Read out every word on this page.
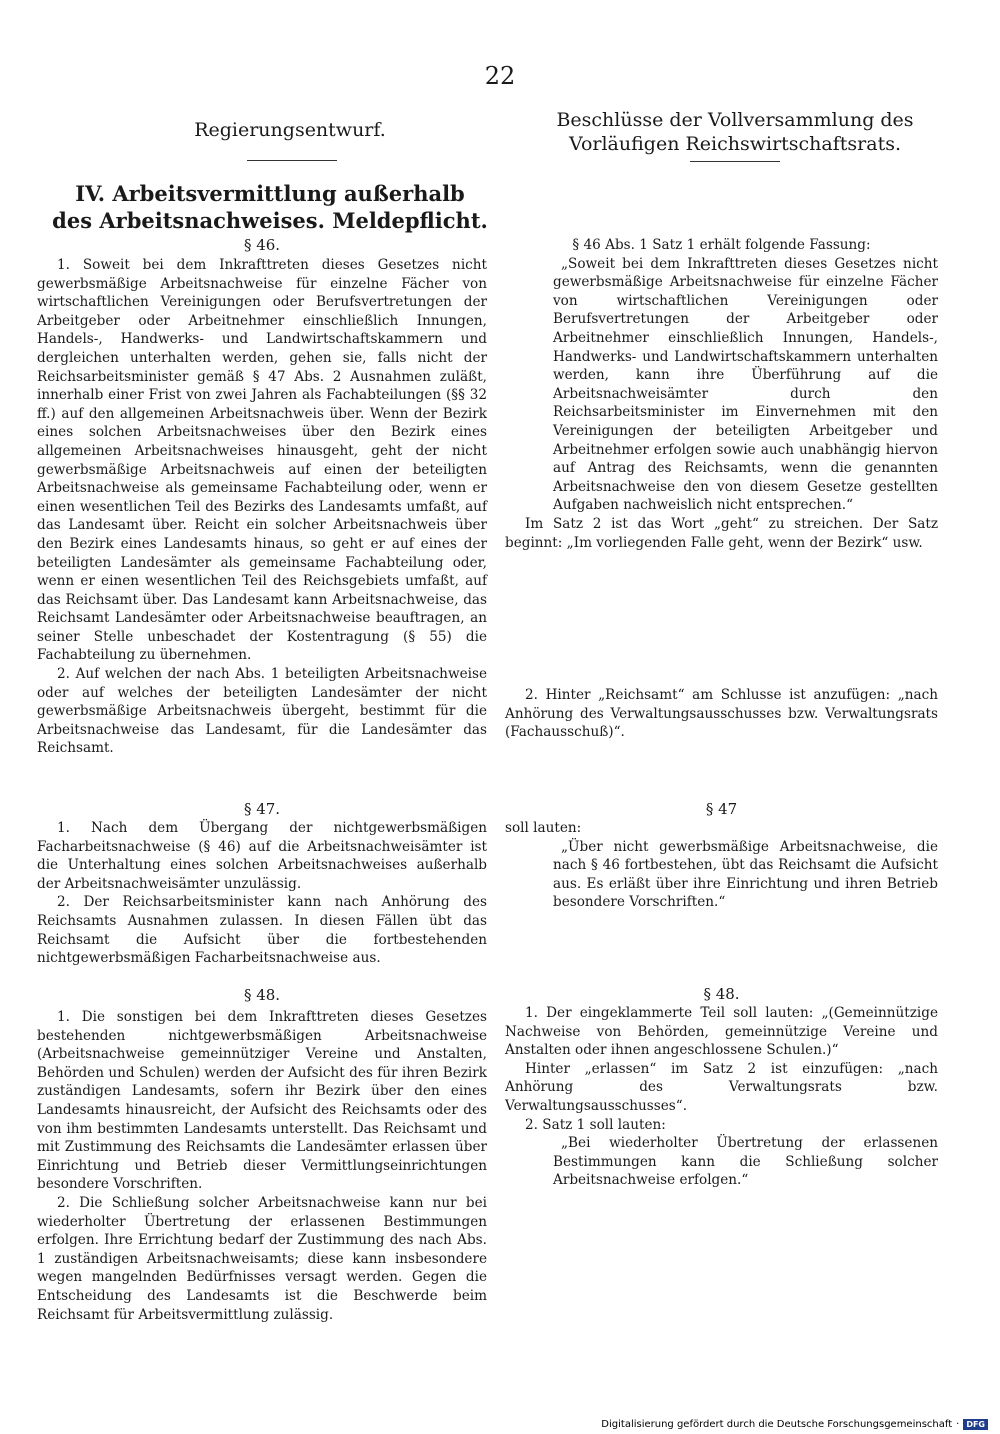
22
Regierungsentwurf.	Beschlüsse der Vollversammlung des Vorläufigen Reichswirtschaftsrats.
IV. Arbeitsvermittlung außerhalb des Arbeitsnachweises. Meldepflicht.
§ 46.

1. Soweit bei dem Inkrafttreten dieses Gesetzes nicht gewerbsmäßige Arbeitsnachweise für einzelne Fächer von wirtschaftlichen Vereinigungen oder Berufsvertretungen der Arbeitgeber oder Arbeitnehmer einschließlich Innungen, Handels-, Handwerks- und Landwirtschaftskammern und dergleichen unterhalten werden, gehen sie, falls nicht der Reichsarbeitsminister gemäß § 47 Abs. 2 Ausnahmen zuläßt, innerhalb einer Frist von zwei Jahren als Fachabteilungen (§§ 32 ff.) auf den allgemeinen Arbeitsnachweis über. Wenn der Bezirk eines solchen Arbeitsnachweises über den Bezirk eines allgemeinen Arbeitsnachweises hinausgeht, geht der nicht gewerbsmäßige Arbeitsnachweis auf einen der beteiligten Arbeitsnachweise als gemeinsame Fachabteilung oder, wenn er einen wesentlichen Teil des Bezirks des Landesamts umfaßt, auf das Landesamt über. Reicht ein solcher Arbeitsnachweis über den Bezirk eines Landesamts hinaus, so geht er auf eines der beteiligten Landesämter als gemeinsame Fachabteilung oder, wenn er einen wesentlichen Teil des Reichsgebiets umfaßt, auf das Reichsamt über. Das Landesamt kann Arbeitsnachweise, das Reichsamt Landesämter oder Arbeitsnachweise beauftragen, an seiner Stelle unbeschadet der Kostentragung (§ 55) die Fachabteilung zu übernehmen.

2. Auf welchen der nach Abs. 1 beteiligten Arbeitsnachweise oder auf welches der beteiligten Landesämter der nicht gewerbsmäßige Arbeitsnachweis übergeht, bestimmt für die Arbeitsnachweise das Landesamt, für die Landesämter das Reichsamt.

§ 47.

1. Nach dem Übergang der nichtgewerbsmäßigen Facharbeitsnachweise (§ 46) auf die Arbeitsnachweisämter ist die Unterhaltung eines solchen Arbeitsnachweises außerhalb der Arbeitsnachweisämter unzulässig.

2. Der Reichsarbeitsminister kann nach Anhörung des Reichsamts Ausnahmen zulassen. In diesen Fällen übt das Reichsamt die Aufsicht über die fortbestehenden nichtgewerbsmäßigen Facharbeitsnachweise aus.

§ 48.

1. Die sonstigen bei dem Inkrafttreten dieses Gesetzes bestehenden nichtgewerbsmäßigen Arbeitsnachweise (Arbeitsnachweise gemeinnütziger Vereine und Anstalten, Behörden und Schulen) werden der Aufsicht des für ihren Bezirk zuständigen Landesamts, sofern ihr Bezirk über den eines Landesamts hinausreicht, der Aufsicht des Reichsamts oder des von ihm bestimmten Landesamts unterstellt. Das Reichsamt und mit Zustimmung des Reichsamts die Landesämter erlassen über Einrichtung und Betrieb dieser Vermittlungseinrichtungen besondere Vorschriften.

2. Die Schließung solcher Arbeitsnachweise kann nur bei wiederholter Übertretung der erlassenen Bestimmungen erfolgen. Ihre Errichtung bedarf der Zustimmung des nach Abs. 1 zuständigen Arbeitsnachweisamts; diese kann insbesondere wegen mangelnden Bedürfnisses versagt werden. Gegen die Entscheidung des Landesamts ist die Beschwerde beim Reichsamt für Arbeitsvermittlung zulässig.

§ 46 Abs. 1 Satz 1 erhält folgende Fassung:

„Soweit bei dem Inkrafttreten dieses Gesetzes nicht gewerbsmäßige Arbeitsnachweise für einzelne Fächer von wirtschaftlichen Vereinigungen oder Berufsvertretungen der Arbeitgeber oder Arbeitnehmer einschließlich Innungen, Handels-, Handwerks- und Landwirtschaftskammern unterhalten werden, kann ihre Überführung auf die Arbeitsnachweisämter durch den Reichsarbeitsminister im Einvernehmen mit den Vereinigungen der beteiligten Arbeitgeber und Arbeitnehmer erfolgen sowie auch unabhängig hiervon auf Antrag des Reichsamts, wenn die genannten Arbeitsnachweise den von diesem Gesetze gestellten Aufgaben nachweislich nicht entsprechen.“

Im Satz 2 ist das Wort „geht“ zu streichen. Der Satz beginnt: „Im vorliegenden Falle geht, wenn der Bezirk“ usw.

2. Hinter „Reichsamt“ am Schlusse ist anzufügen: „nach Anhörung des Verwaltungsausschusses bzw. Verwaltungsrats (Fachausschuß)“.

§ 47

soll lauten:

„Über nicht gewerbsmäßige Arbeitsnachweise, die nach § 46 fortbestehen, übt das Reichsamt die Aufsicht aus. Es erläßt über ihre Einrichtung und ihren Betrieb besondere Vorschriften.“

§ 48.

1. Der eingeklammerte Teil soll lauten: „(Gemeinnützige Nachweise von Behörden, gemeinnützige Vereine und Anstalten oder ihnen angeschlossene Schulen.)“

Hinter „erlassen“ im Satz 2 ist einzufügen: „nach Anhörung des Verwaltungsrats bzw. Verwaltungsausschusses“.

2. Satz 1 soll lauten:

„Bei wiederholter Übertretung der erlassenen Bestimmungen kann die Schließung solcher Arbeitsnachweise erfolgen.“

Digitalisierung gefördert durch die Deutsche Forschungsgemeinschaft · DFG
